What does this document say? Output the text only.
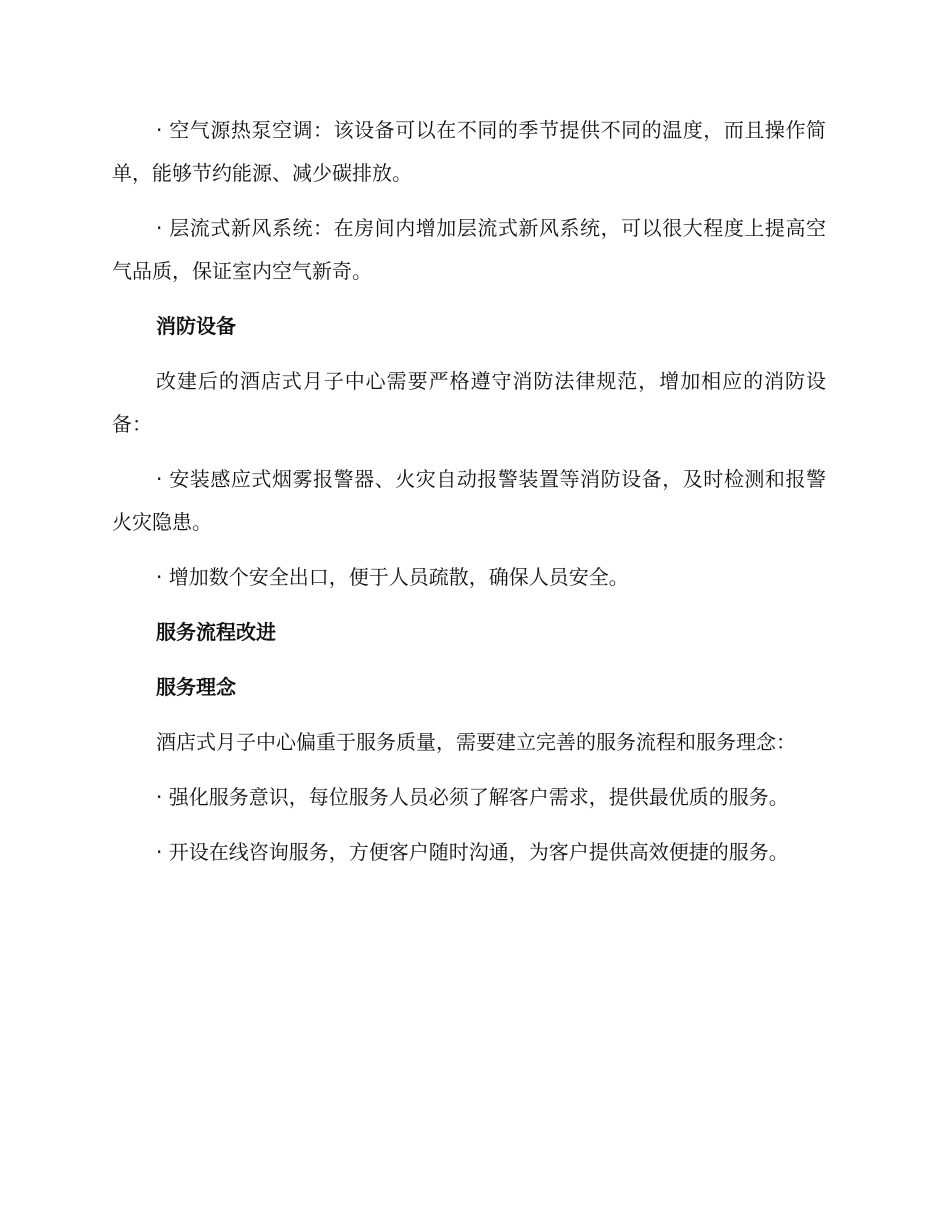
· 空气源热泵空调：该设备可以在不同的季节提供不同的温度，而且操作简单，能够节约能源、减少碳排放。

· 层流式新风系统：在房间内增加层流式新风系统，可以很大程度上提高空气品质，保证室内空气新奇。

消防设备

改建后的酒店式月子中心需要严格遵守消防法律规范，增加相应的消防设备：

· 安装感应式烟雾报警器、火灾自动报警装置等消防设备，及时检测和报警火灾隐患。

· 增加数个安全出口，便于人员疏散，确保人员安全。

服务流程改进

服务理念

酒店式月子中心偏重于服务质量，需要建立完善的服务流程和服务理念：

· 强化服务意识，每位服务人员必须了解客户需求，提供最优质的服务。

· 开设在线咨询服务，方便客户随时沟通，为客户提供高效便捷的服务。
